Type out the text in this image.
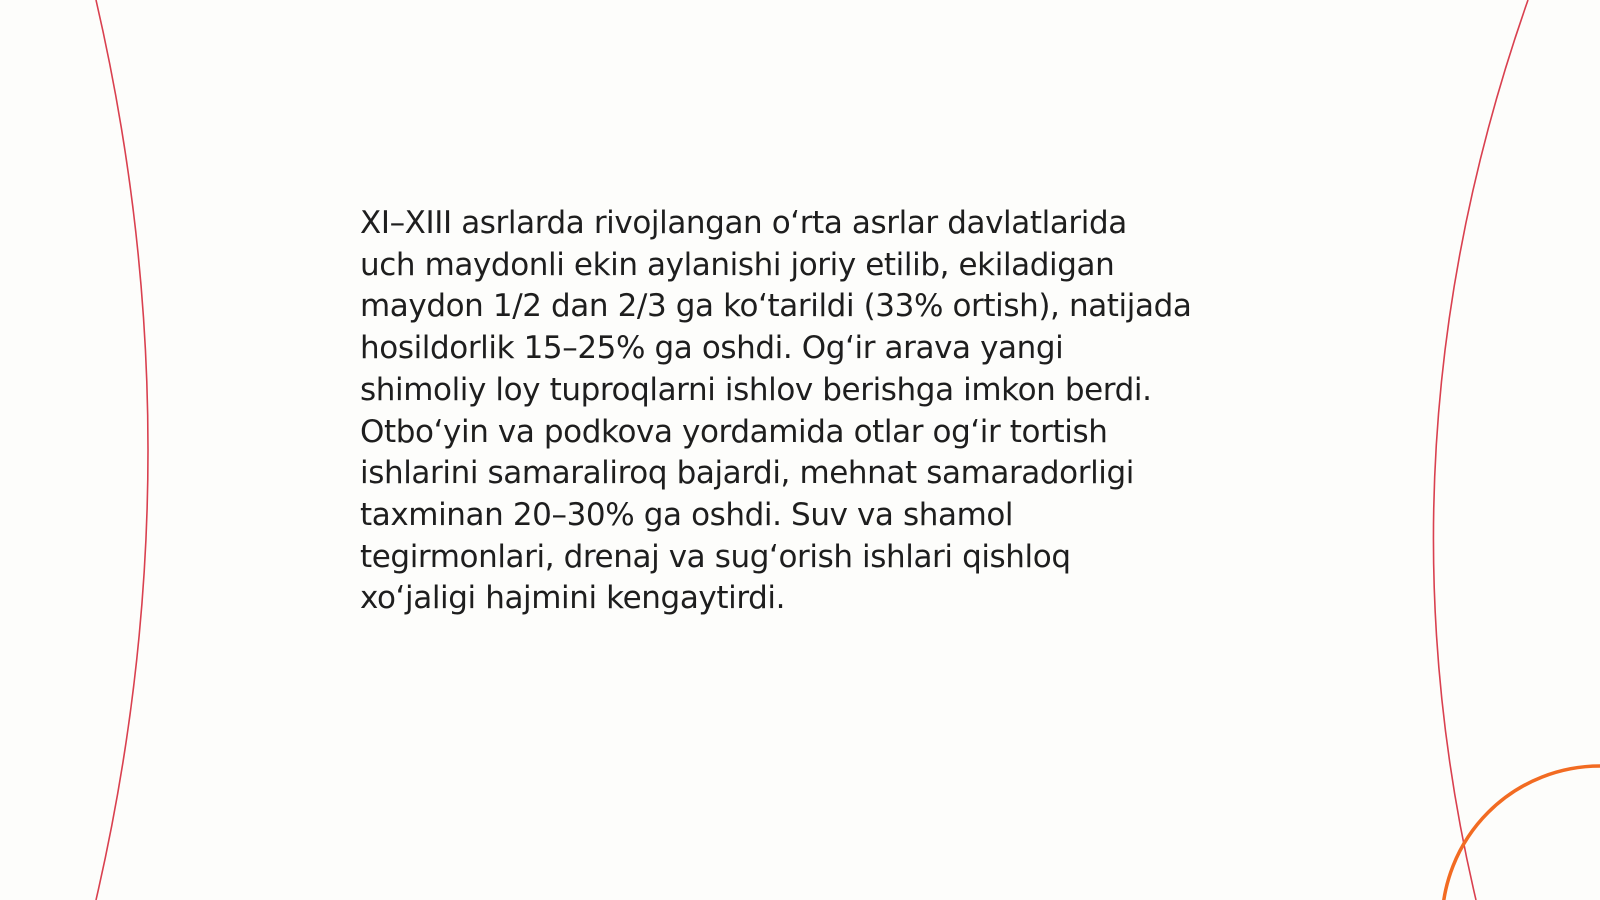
XI–XIII asrlarda rivojlangan o‘rta asrlar davlatlarida
uch maydonli ekin aylanishi joriy etilib, ekiladigan
maydon 1/2 dan 2/3 ga ko‘tarildi (33% ortish), natijada
hosildorlik 15–25% ga oshdi. Og‘ir arava yangi
shimoliy loy tuproqlarni ishlov berishga imkon berdi.
Otbo‘yin va podkova yordamida otlar og‘ir tortish
ishlarini samaraliroq bajardi, mehnat samaradorligi
taxminan 20–30% ga oshdi. Suv va shamol
tegirmonlari, drenaj va sug‘orish ishlari qishloq
xo‘jaligi hajmini kengaytirdi.
